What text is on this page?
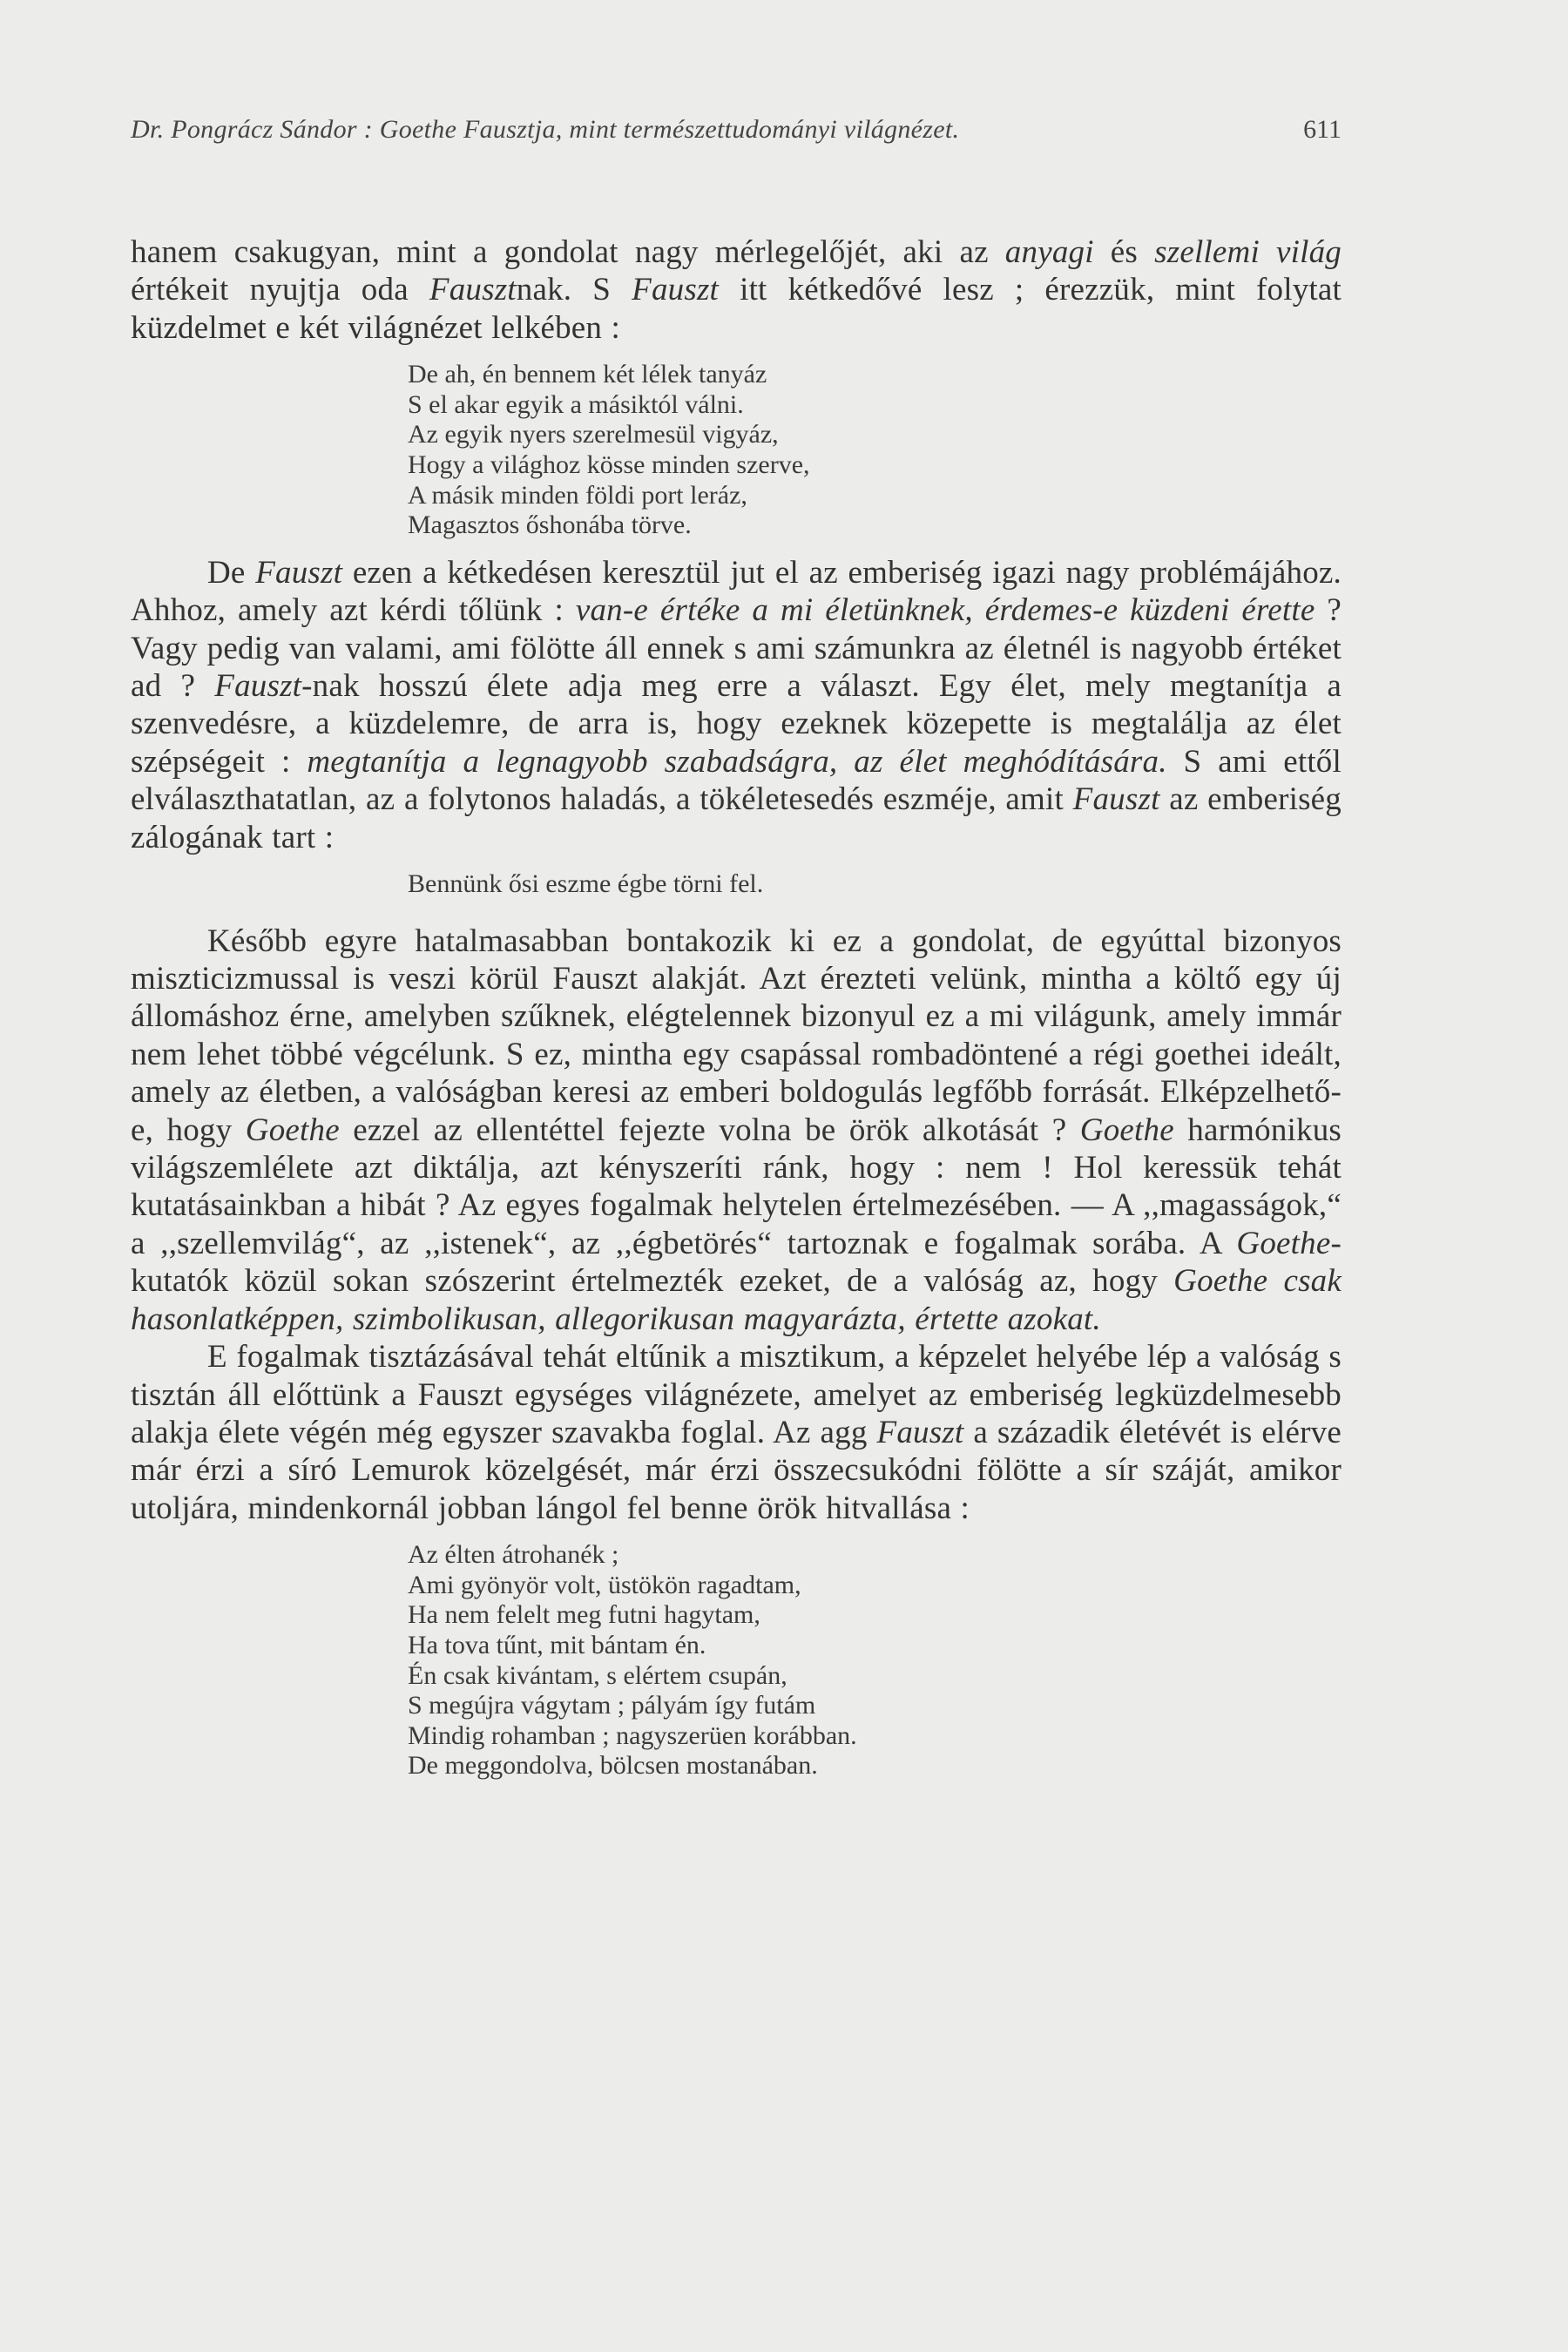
Dr. Pongrácz Sándor : Goethe Fausztja, mint természettudományi világnézet.	611

hanem csakugyan, mint a gondolat nagy mérlegelőjét, aki az anyagi és szellemi világ értékeit nyujtja oda Fausztnak. S Fauszt itt kétkedővé lesz ; érezzük, mint folytat küzdelmet e két világnézet lelkében :

De ah, én bennem két lélek tanyáz
S el akar egyik a másiktól válni.
Az egyik nyers szerelmesül vigyáz,
Hogy a világhoz kösse minden szerve,
A másik minden földi port leráz,
Magasztos őshonába törve.

De Fauszt ezen a kétkedésen keresztül jut el az emberiség igazi nagy problémájához. Ahhoz, amely azt kérdi tőlünk : van-e értéke a mi életünknek, érdemes-e küzdeni érette ? Vagy pedig van valami, ami fölötte áll ennek s ami számunkra az életnél is nagyobb értéket ad ? Fauszt-nak hosszú élete adja meg erre a választ. Egy élet, mely megtanítja a szenvedésre, a küzdelemre, de arra is, hogy ezeknek közepette is megtalálja az élet szépségeit : megtanítja a legnagyobb szabadságra, az élet meghódítására. S ami ettől elválaszthatatlan, az a folytonos haladás, a tökéletesedés eszméje, amit Fauszt az emberiség zálogának tart :

Bennünk ősi eszme égbe törni fel.

Később egyre hatalmasabban bontakozik ki ez a gondolat, de egyúttal bizonyos miszticizmussal is veszi körül Fauszt alakját. Azt érezteti velünk, mintha a költő egy új állomáshoz érne, amelyben szűknek, elégtelennek bizonyul ez a mi világunk, amely immár nem lehet többé végcélunk. S ez, mintha egy csapással rombadöntené a régi goethei ideált, amely az életben, a valóságban keresi az emberi boldogulás legfőbb forrását. Elképzelhető-e, hogy Goethe ezzel az ellentéttel fejezte volna be örök alkotását ? Goethe harmónikus világszemlélete azt diktálja, azt kényszeríti ránk, hogy : nem ! Hol keressük tehát kutatásainkban a hibát ? Az egyes fogalmak helytelen értelmezésében. — A ,,magasságok,“ a ,,szellemvilág“, az ,,istenek“, az ,,égbetörés“ tartoznak e fogalmak sorába. A Goethe-kutatók közül sokan szószerint értelmezték ezeket, de a valóság az, hogy Goethe csak hasonlatképpen, szimbolikusan, allegorikusan magyarázta, értette azokat.

E fogalmak tisztázásával tehát eltűnik a misztikum, a képzelet helyébe lép a valóság s tisztán áll előttünk a Fauszt egységes világnézete, amelyet az emberiség legküzdelmesebb alakja élete végén még egyszer szavakba foglal. Az agg Fauszt a századik életévét is elérve már érzi a síró Lemurok közelgését, már érzi összecsukódni fölötte a sír száját, amikor utoljára, mindenkornál jobban lángol fel benne örök hitvallása :

Az élten átrohanék ;
Ami gyönyör volt, üstökön ragadtam,
Ha nem felelt meg futni hagytam,
Ha tova tűnt, mit bántam én.
Én csak kivántam, s elértem csupán,
S megújra vágytam ; pályám így futám
Mindig rohamban ; nagyszerüen korábban.
De meggondolva, bölcsen mostanában.
